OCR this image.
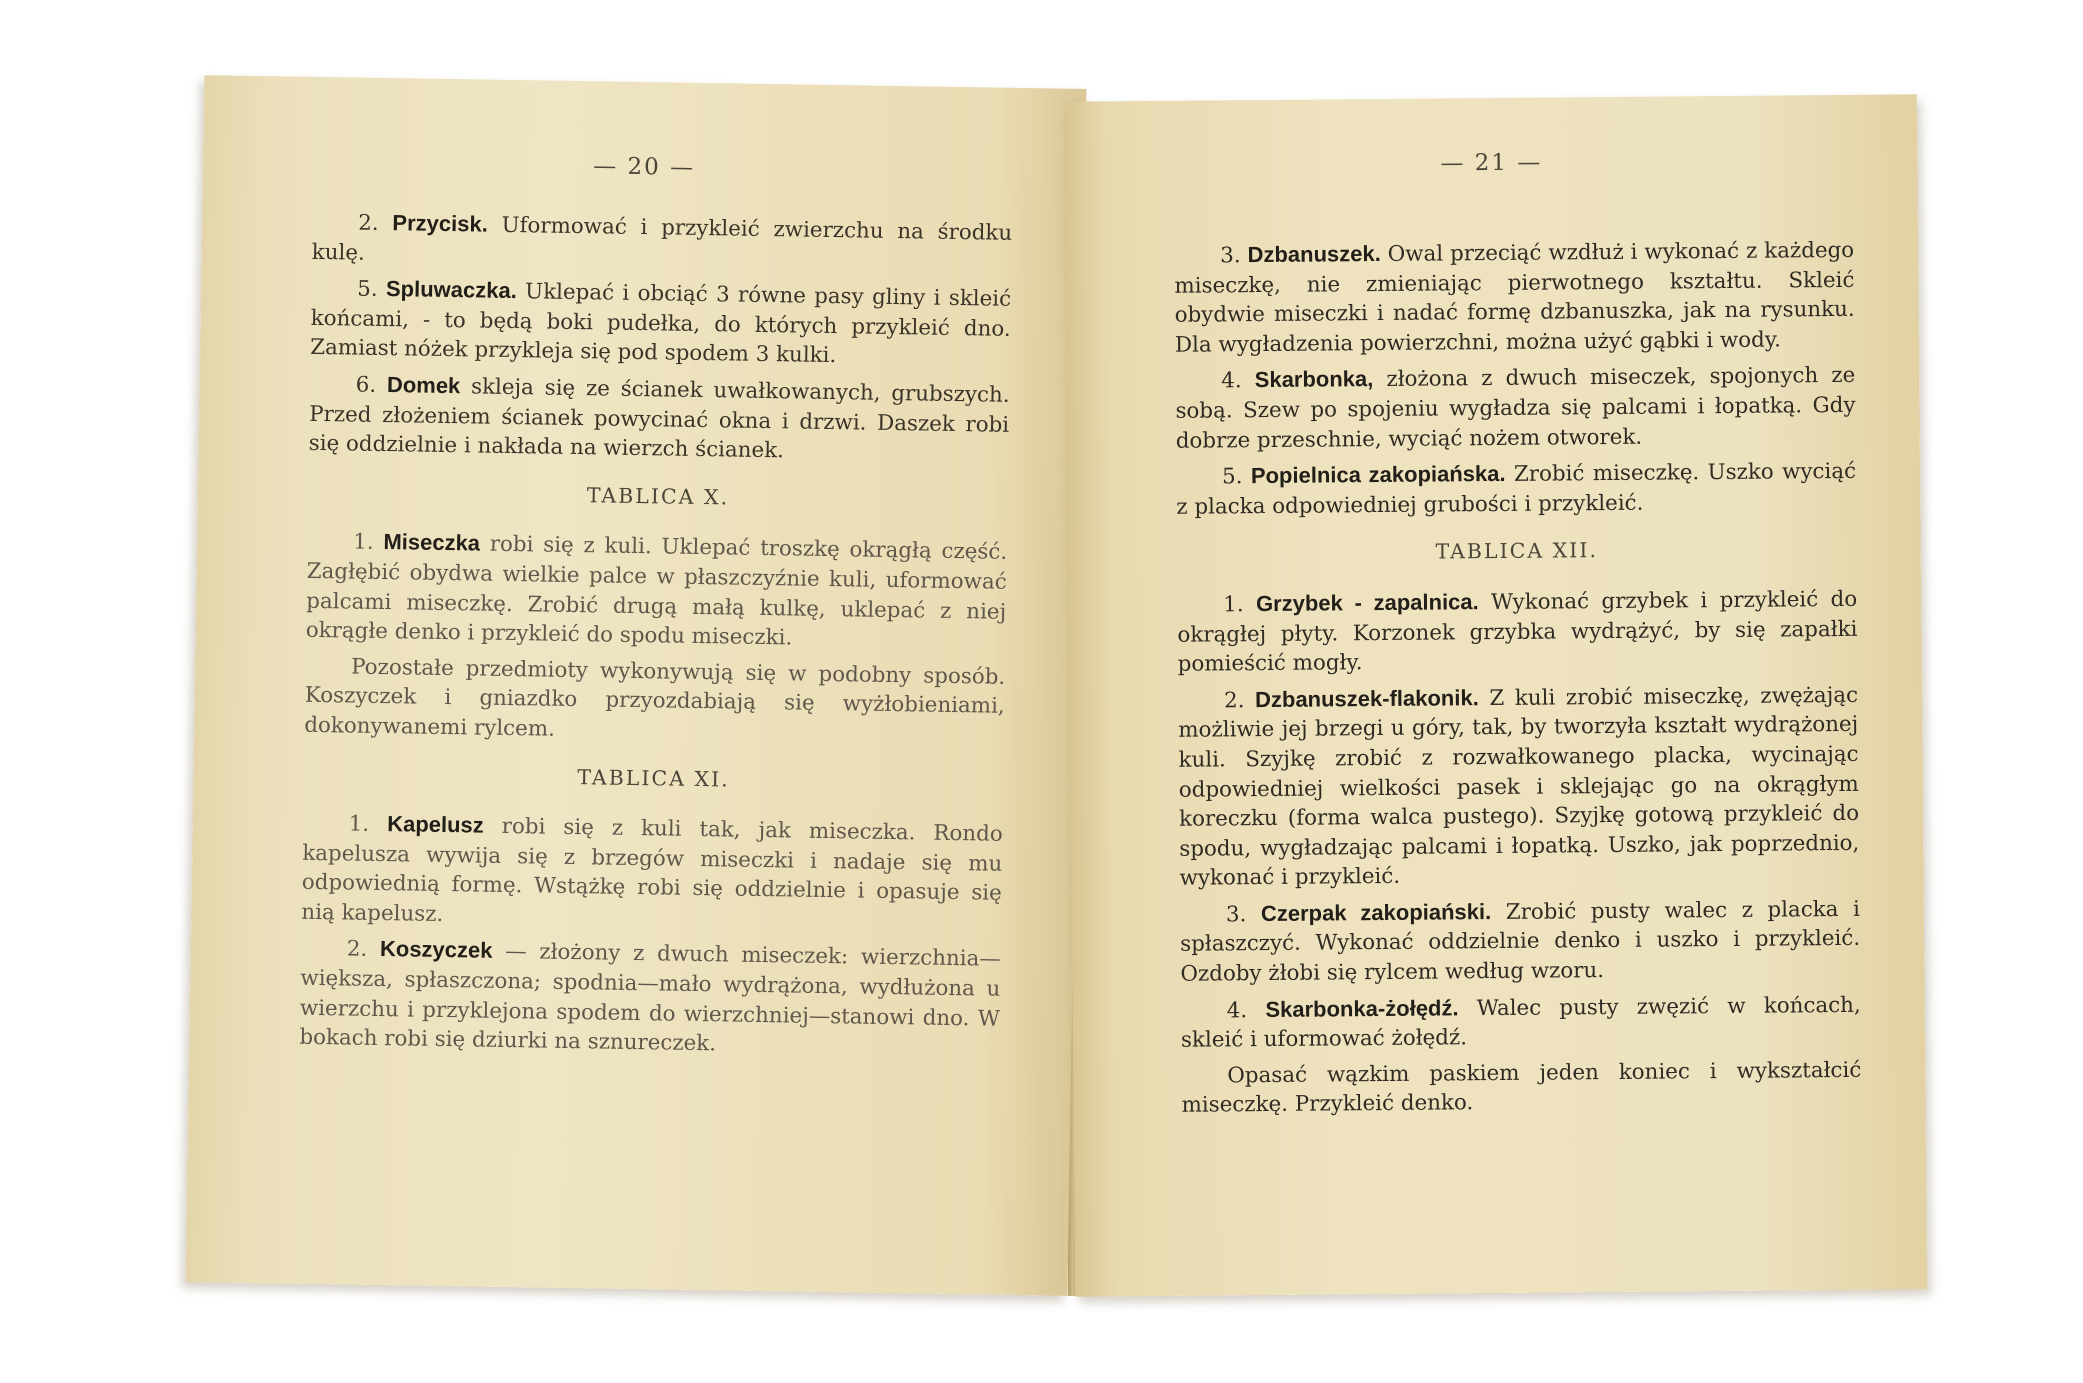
— 20 —

2. Przycisk. Uformować i przykleić zwierzchu na środku kulę.

5. Spluwaczka. Uklepać i obciąć 3 równe pasy gliny i skleić końcami, - to będą boki pudełka, do których przykleić dno. Zamiast nóżek przykleja się pod spodem 3 kulki.

6. Domek skleja się ze ścianek uwałkowanych, grubszych. Przed złożeniem ścianek powycinać okna i drzwi. Daszek robi się oddzielnie i nakłada na wierzch ścianek.

TABLICA X.

1. Miseczka robi się z kuli. Uklepać troszkę okrągłą część. Zagłębić obydwa wielkie palce w płaszczyźnie kuli, uformować palcami miseczkę. Zrobić drugą małą kulkę, uklepać z niej okrągłe denko i przykleić do spodu miseczki.

Pozostałe przedmioty wykonywują się w podobny sposób. Koszyczek i gniazdko przyozdabiają się wyżłobieniami, dokonywanemi rylcem.

TABLICA XI.

1. Kapelusz robi się z kuli tak, jak miseczka. Rondo kapelusza wywija się z brzegów miseczki i nadaje się mu odpowiednią formę. Wstążkę robi się oddzielnie i opasuje się nią kapelusz.

2. Koszyczek — złożony z dwuch miseczek: wierzchnia—większa, spłaszczona; spodnia—mało wydrążona, wydłużona u wierzchu i przyklejona spodem do wierzchniej—stanowi dno. W bokach robi się dziurki na sznureczek.

— 21 —

3. Dzbanuszek. Owal przeciąć wzdłuż i wykonać z każdego miseczkę, nie zmieniając pierwotnego kształtu. Skleić obydwie miseczki i nadać formę dzbanuszka, jak na rysunku. Dla wygładzenia powierzchni, można użyć gąbki i wody.

4. Skarbonka, złożona z dwuch miseczek, spojonych ze sobą. Szew po spojeniu wygładza się palcami i łopatką. Gdy dobrze przeschnie, wyciąć nożem otworek.

5. Popielnica zakopiańska. Zrobić miseczkę. Uszko wyciąć z placka odpowiedniej grubości i przykleić.

TABLICA XII.

1. Grzybek - zapalnica. Wykonać grzybek i przykleić do okrągłej płyty. Korzonek grzybka wydrążyć, by się zapałki pomieścić mogły.

2. Dzbanuszek-flakonik. Z kuli zrobić miseczkę, zwężając możliwie jej brzegi u góry, tak, by tworzyła kształt wydrążonej kuli. Szyjkę zrobić z rozwałkowanego placka, wycinając odpowiedniej wielkości pasek i sklejając go na okrągłym koreczku (forma walca pustego). Szyjkę gotową przykleić do spodu, wygładzając palcami i łopatką. Uszko, jak poprzednio, wykonać i przykleić.

3. Czerpak zakopiański. Zrobić pusty walec z placka i spłaszczyć. Wykonać oddzielnie denko i uszko i przykleić. Ozdoby żłobi się rylcem według wzoru.

4. Skarbonka-żołędź. Walec pusty zwęzić w końcach, skleić i uformować żołędź.

Opasać wązkim paskiem jeden koniec i wykształcić miseczkę. Przykleić denko.
